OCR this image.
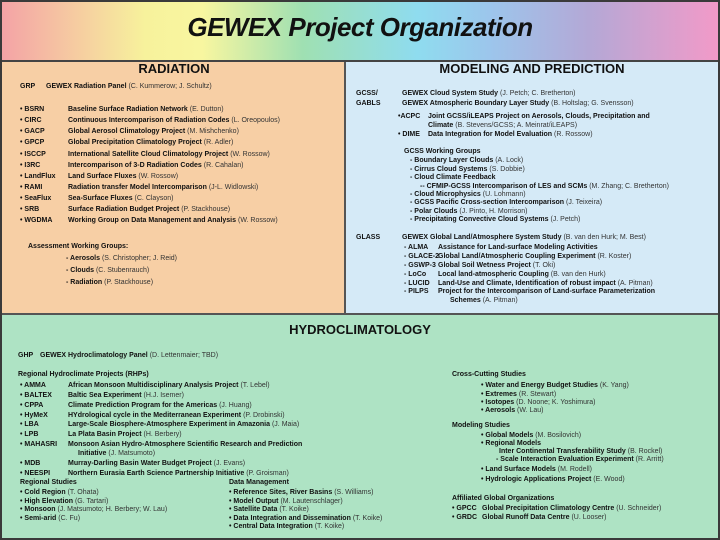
GEWEX Project Organization
RADIATION
GRP GEWEX Radiation Panel (C. Kummerow; J. Schultz)
• BSRN	Baseline Surface Radiation Network (E. Dutton)
• CIRC	Continuous Intercomparison of Radiation Codes (L. Oreopoulos)
• GACP	Global Aerosol Climatology Project (M. Mishchenko)
• GPCP	Global Precipitation Climatology Project (R. Adler)
• ISCCP	International Satellite Cloud Climatology Project (W. Rossow)
• I3RC	Intercomparison of 3-D Radiation Codes (R. Cahalan)
• LandFlux Land Surface Fluxes (W. Rossow)
• RAMI	Radiation transfer Model Intercomparison (J-L. Widlowski)
• SeaFlux Sea-Surface Fluxes (C. Clayson)
• SRB	Surface Radiation Budget Project (P. Stackhouse)
• WGDMA Working Group on Data Management and Analysis (W. Rossow)
Assessment Working Groups:
- Aerosols (S. Christopher; J. Reid)
- Clouds (C. Stubenrauch)
- Radiation (P. Stackhouse)
MODELING AND PREDICTION
GCSS/	GEWEX Cloud System Study (J. Petch; C. Bretherton)
GABLS	GEWEX Atmospheric Boundary Layer Study (B. Holtslag; G. Svensson)
•ACPC Joint GCSS/iLEAPS Project on Aerosols, Clouds, Precipitation and
Climate (B. Stevens/GCSS; A. Meinrat/iLEAPS)
• DIME Data Integration for Model Evaluation (R. Rossow)
GCSS Working Groups
- Boundary Layer Clouds (A. Lock)
- Cirrus Cloud Systems (S. Dobbie)
- Cloud Climate Feedback
-- CFMIP-GCSS Intercomparison of LES and SCMs (M. Zhang; C. Bretherton)
- Cloud Microphysics (U. Lohmann)
- GCSS Pacific Cross-section Intercomparison (J. Teixeira)
- Polar Clouds (J. Pinto, H. Morrison)
- Precipitating Convective Cloud Systems (J. Petch)
GLASS	GEWEX Global Land/Atmosphere System Study (B. van den Hurk; M. Best)
- ALMA Assistance for Land-surface Modeling Activities
- GLACE-2Global Land/Atmospheric Coupling Experiment (R. Koster)
- GSWP-3 Global Soil Wetness Project (T. Oki)
- LoCo Local land-atmospheric Coupling (B. van den Hurk)
- LUCID Land-Use and Climate, Identification of robust impact (A. Pitman)
- PILPS Project for the Intercomparison of Land-surface Parameterization
Schemes (A. Pitman)
HYDROCLIMATOLOGY
GHP GEWEX Hydroclimatology Panel (D. Lettenmaier; TBD)
Regional Hydroclimate Projects (RHPs)
• AMMA	African Monsoon Multidisciplinary Analysis Project (T. Lebel)
• BALTEX Baltic Sea Experiment (H.J. Isemer)
• CPPA	Climate Prediction Program for the Americas (J. Huang)
• HyMeX	HYdrological cycle in the Mediterranean Experiment (P. Drobinski)
• LBA	Large-Scale Biosphere-Atmosphere Experiment in Amazonia (J. Maia)
• LPB	La Plata Basin Project (H. Berbery)
• MAHASRI Monsoon Asian Hydro-Atmosphere Scientific Research and Prediction
Initiative (J. Matsumoto)
• MDB	Murray-Darling Basin Water Budget Project (J. Evans)
• NEESPI	Northern Eurasia Earth Science Partnership Initiative (P. Groisman)
Regional Studies
• Cold Region (T. Ohata)
• High Elevation (G. Tartari)
• Monsoon (J. Matsumoto; H. Berbery; W. Lau)
• Semi-arid (C. Fu)
Data Management
• Reference Sites, River Basins (S. Williams)
• Model Output (M. Lautenschlager)
• Satellite Data (T. Koike)
• Data Integration and Dissemination (T. Koike)
• Central Data Integration (T. Koike)
Cross-Cutting Studies
• Water and Energy Budget Studies (K. Yang)
• Extremes (R. Stewart)
• Isotopes (D. Noone; K. Yoshimura)
• Aerosols (W. Lau)
Modeling Studies
• Global Models (M. Bosilovich)
• Regional Models
Inter Continental Transferability Study (B. Rockel)
- Scale Interaction Evaluation Experiment (R. Arritt)
• Land Surface Models (M. Rodell)
• Hydrologic Applications Project (E. Wood)
Affiliated Global Organizations
• GPCC Global Precipitation Climatology Centre (U. Schneider)
• GRDC Global Runoff Data Centre (U. Looser)
